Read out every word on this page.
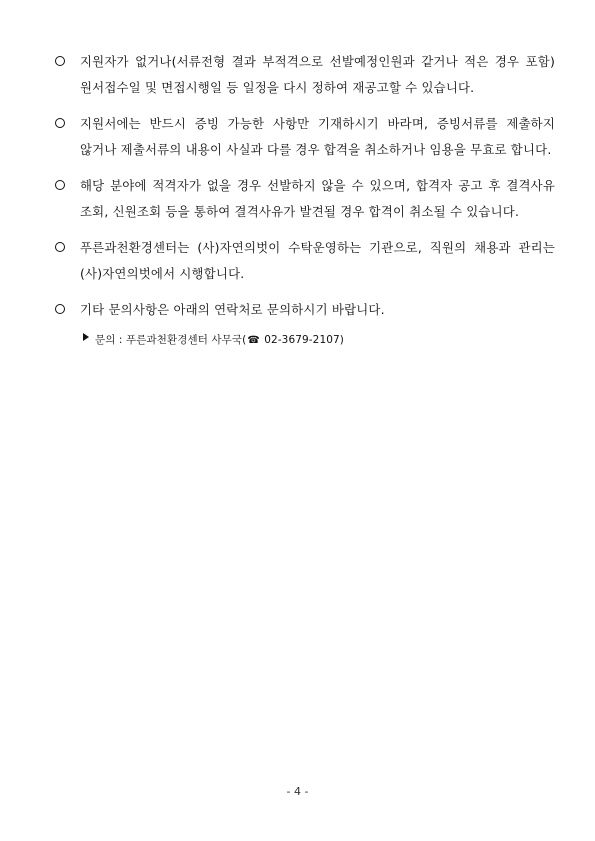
지원자가 없거나(서류전형 결과 부적격으로 선발예정인원과 같거나 적은 경우 포함)원서접수일 및 면접시행일 등 일정을 다시 정하여 재공고할 수 있습니다.
지원서에는 반드시 증빙 가능한 사항만 기재하시기 바라며, 증빙서류를 제출하지 않거나 제출서류의 내용이 사실과 다를 경우 합격을 취소하거나 임용을 무효로 합니다.
해당 분야에 적격자가 없을 경우 선발하지 않을 수 있으며, 합격자 공고 후 결격사유 조회, 신원조회 등을 통하여 결격사유가 발견될 경우 합격이 취소될 수 있습니다.
푸른과천환경센터는 (사)자연의벗이 수탁운영하는 기관으로, 직원의 채용과 관리는 (사)자연의벗에서 시행합니다.
기타 문의사항은 아래의 연락처로 문의하시기 바랍니다.
문의 : 푸른과천환경센터 사무국(☎ 02-3679-2107)
- 4 -
